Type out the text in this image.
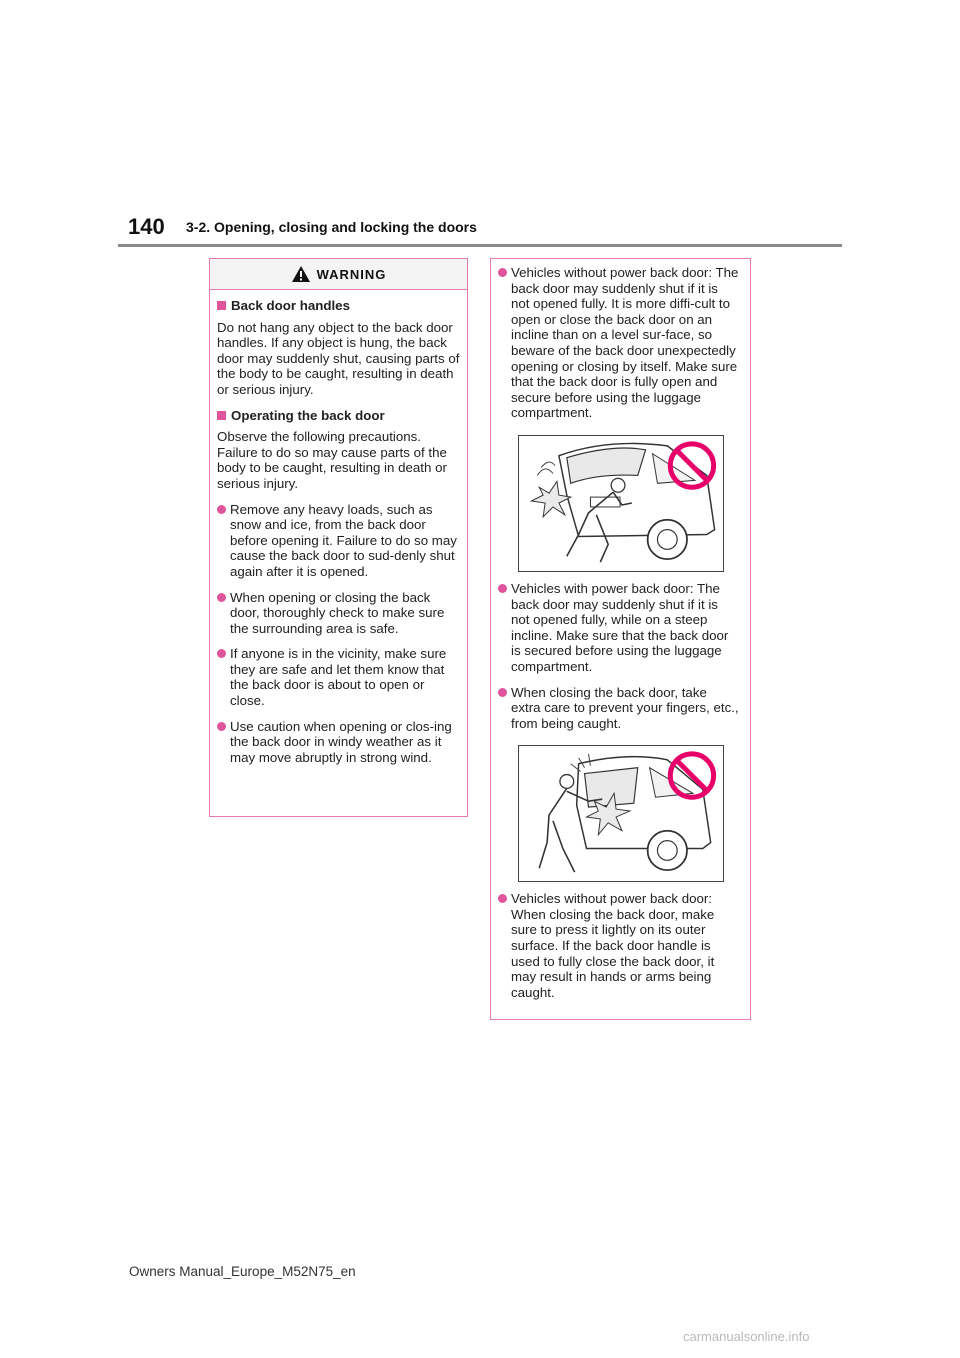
140 3-2. Opening, closing and locking the doors
WARNING
Back door handles
Do not hang any object to the back door handles. If any object is hung, the back door may suddenly shut, causing parts of the body to be caught, resulting in death or serious injury.
Operating the back door
Observe the following precautions. Failure to do so may cause parts of the body to be caught, resulting in death or serious injury.
Remove any heavy loads, such as snow and ice, from the back door before opening it. Failure to do so may cause the back door to sud-denly shut again after it is opened.
When opening or closing the back door, thoroughly check to make sure the surrounding area is safe.
If anyone is in the vicinity, make sure they are safe and let them know that the back door is about to open or close.
Use caution when opening or clos-ing the back door in windy weather as it may move abruptly in strong wind.
Vehicles without power back door: The back door may suddenly shut if it is not opened fully. It is more diffi-cult to open or close the back door on an incline than on a level sur-face, so beware of the back door unexpectedly opening or closing by itself. Make sure that the back door is fully open and secure before using the luggage compartment.
Vehicles with power back door: The back door may suddenly shut if it is not opened fully, while on a steep incline. Make sure that the back door is secured before using the luggage compartment.
When closing the back door, take extra care to prevent your fingers, etc., from being caught.
Vehicles without power back door: When closing the back door, make sure to press it lightly on its outer surface. If the back door handle is used to fully close the back door, it may result in hands or arms being caught.
Owners Manual_Europe_M52N75_en
carmanualsonline.info
